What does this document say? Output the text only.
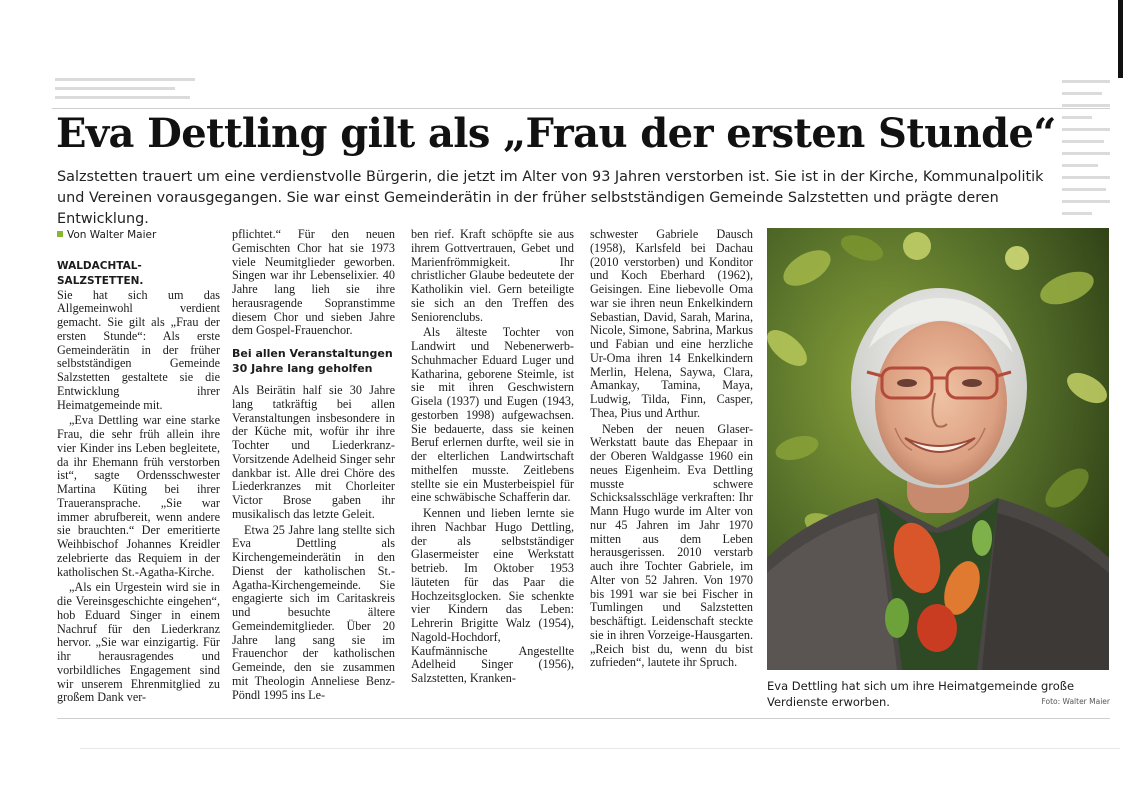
Eva Dettling gilt als „Frau der ersten Stunde“

Salzstetten trauert um eine verdienstvolle Bürgerin, die jetzt im Alter von 93 Jahren verstorben ist. Sie ist in der Kirche, Kommunalpolitik und Vereinen vorausgegangen. Sie war einst Gemeinderätin in der früher selbstständigen Gemeinde Salzstetten und prägte deren Entwicklung.

Von Walter Maier

WALDACHTAL-SALZSTETTEN.
Sie hat sich um das Allgemeinwohl verdient gemacht. Sie gilt als „Frau der ersten Stunde“: Als erste Gemeinderätin in der früher selbstständigen Gemeinde Salzstetten gestaltete sie die Entwicklung ihrer Heimatgemeinde mit.

„Eva Dettling war eine starke Frau, die sehr früh allein ihre vier Kinder ins Leben begleitete, da ihr Ehemann früh verstorben ist“, sagte Ordensschwester Martina Küting bei ihrer Traueransprache. „Sie war immer abrufbereit, wenn andere sie brauchten.“ Der emeritierte Weihbischof Johannes Kreidler zelebrierte das Requiem in der katholischen St.-Agatha-Kirche.

„Als ein Urgestein wird sie in die Vereinsgeschichte eingehen“, hob Eduard Singer in einem Nachruf für den Liederkranz hervor. „Sie war einzigartig. Für ihr herausragendes und vorbildliches Engagement sind wir unserem Ehrenmitglied zu großem Dank ver-

pflichtet.“ Für den neuen Gemischten Chor hat sie 1973 viele Neumitglieder geworben. Singen war ihr Lebenselixier. 40 Jahre lang lieh sie ihre herausragende Sopranstimme diesem Chor und sieben Jahre dem Gospel-Frauenchor.

Bei allen Veranstaltungen 30 Jahre lang geholfen

Als Beirätin half sie 30 Jahre lang tatkräftig bei allen Veranstaltungen insbesondere in der Küche mit, wofür ihr ihre Tochter und Liederkranz-Vorsitzende Adelheid Singer sehr dankbar ist. Alle drei Chöre des Liederkranzes mit Chorleiter Victor Brose gaben ihr musikalisch das letzte Geleit.

Etwa 25 Jahre lang stellte sich Eva Dettling als Kirchengemeinderätin in den Dienst der katholischen St.-Agatha-Kirchengemeinde. Sie engagierte sich im Caritaskreis und besuchte ältere Gemeindemitglieder. Über 20 Jahre lang sang sie im Frauenchor der katholischen Gemeinde, den sie zusammen mit Theologin Anneliese Benz-Pöndl 1995 ins Le-

ben rief. Kraft schöpfte sie aus ihrem Gottvertrauen, Gebet und Marienfrömmigkeit. Ihr christlicher Glaube bedeutete der Katholikin viel. Gern beteiligte sie sich an den Treffen des Seniorenclubs.

Als älteste Tochter von Landwirt und Nebenerwerb-Schuhmacher Eduard Luger und Katharina, geborene Steimle, ist sie mit ihren Geschwistern Gisela (1937) und Eugen (1943, gestorben 1998) aufgewachsen. Sie bedauerte, dass sie keinen Beruf erlernen durfte, weil sie in der elterlichen Landwirtschaft mithelfen musste. Zeitlebens stellte sie ein Musterbeispiel für eine schwäbische Schafferin dar.

Kennen und lieben lernte sie ihren Nachbar Hugo Dettling, der als selbstständiger Glasermeister eine Werkstatt betrieb. Im Oktober 1953 läuteten für das Paar die Hochzeitsglocken. Sie schenkte vier Kindern das Leben: Lehrerin Brigitte Walz (1954), Nagold-Hochdorf, Kaufmännische Angestellte Adelheid Singer (1956), Salzstetten, Kranken-

schwester Gabriele Dausch (1958), Karlsfeld bei Dachau (2010 verstorben) und Konditor und Koch Eberhard (1962), Geisingen. Eine liebevolle Oma war sie ihren neun Enkelkindern Sebastian, David, Sarah, Marina, Nicole, Simone, Sabrina, Markus und Fabian und eine herzliche Ur-Oma ihren 14 Enkelkindern Merlin, Helena, Saywa, Clara, Amankay, Tamina, Maya, Ludwig, Tilda, Finn, Casper, Thea, Pius und Arthur.

Neben der neuen Glaser-Werkstatt baute das Ehepaar in der Oberen Waldgasse 1960 ein neues Eigenheim. Eva Dettling musste schwere Schicksalsschläge verkraften: Ihr Mann Hugo wurde im Alter von nur 45 Jahren im Jahr 1970 mitten aus dem Leben herausgerissen. 2010 verstarb auch ihre Tochter Gabriele, im Alter von 52 Jahren. Von 1970 bis 1991 war sie bei Fischer in Tumlingen und Salzstetten beschäftigt. Leidenschaft steckte sie in ihren Vorzeige-Hausgarten. „Reich bist du, wenn du bist zufrieden“, lautete ihr Spruch.

Eva Dettling hat sich um ihre Heimatgemeinde große Verdienste erworben.	Foto: Walter Maier
